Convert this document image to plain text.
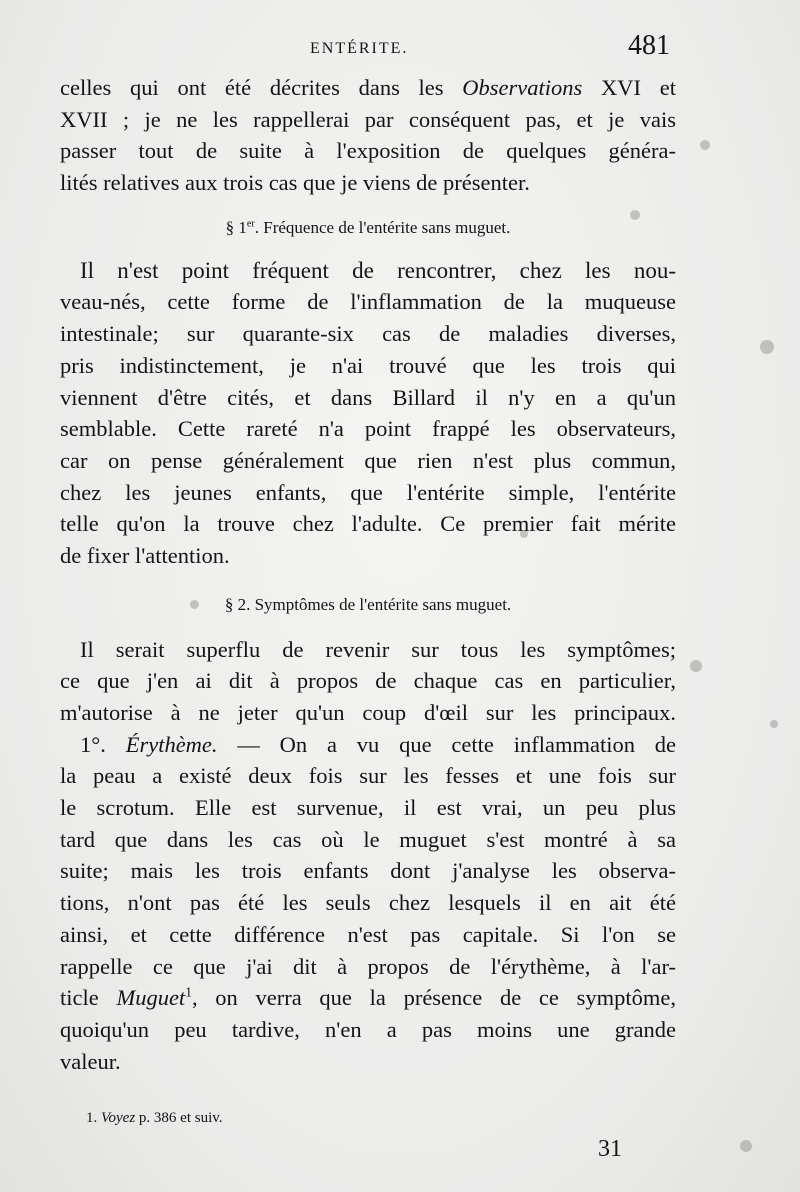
ENTÉRITE.	481
celles qui ont été décrites dans les Observations XVI et
XVII ; je ne les rappellerai par conséquent pas, et je vais
passer tout de suite à l'exposition de quelques généra-
lités relatives aux trois cas que je viens de présenter.
§ 1er. Fréquence de l'entérite sans muguet.
Il n'est point fréquent de rencontrer, chez les nou-
veau-nés, cette forme de l'inflammation de la muqueuse
intestinale; sur quarante-six cas de maladies diverses,
pris indistinctement, je n'ai trouvé que les trois qui
viennent d'être cités, et dans Billard il n'y en a qu'un
semblable. Cette rareté n'a point frappé les observateurs,
car on pense généralement que rien n'est plus commun,
chez les jeunes enfants, que l'entérite simple, l'entérite
telle qu'on la trouve chez l'adulte. Ce premier fait mérite
de fixer l'attention.
§ 2. Symptômes de l'entérite sans muguet.
Il serait superflu de revenir sur tous les symptômes;
ce que j'en ai dit à propos de chaque cas en particulier,
m'autorise à ne jeter qu'un coup d'œil sur les principaux.
1°. Érythème. — On a vu que cette inflammation de
la peau a existé deux fois sur les fesses et une fois sur
le scrotum. Elle est survenue, il est vrai, un peu plus
tard que dans les cas où le muguet s'est montré à sa
suite; mais les trois enfants dont j'analyse les observa-
tions, n'ont pas été les seuls chez lesquels il en ait été
ainsi, et cette différence n'est pas capitale. Si l'on se
rappelle ce que j'ai dit à propos de l'érythème, à l'ar-
ticle Muguet$^1$, on verra que la présence de ce symptôme,
quoiqu'un peu tardive, n'en a pas moins une grande
valeur.
1. Voyez p. 386 et suiv.
31
